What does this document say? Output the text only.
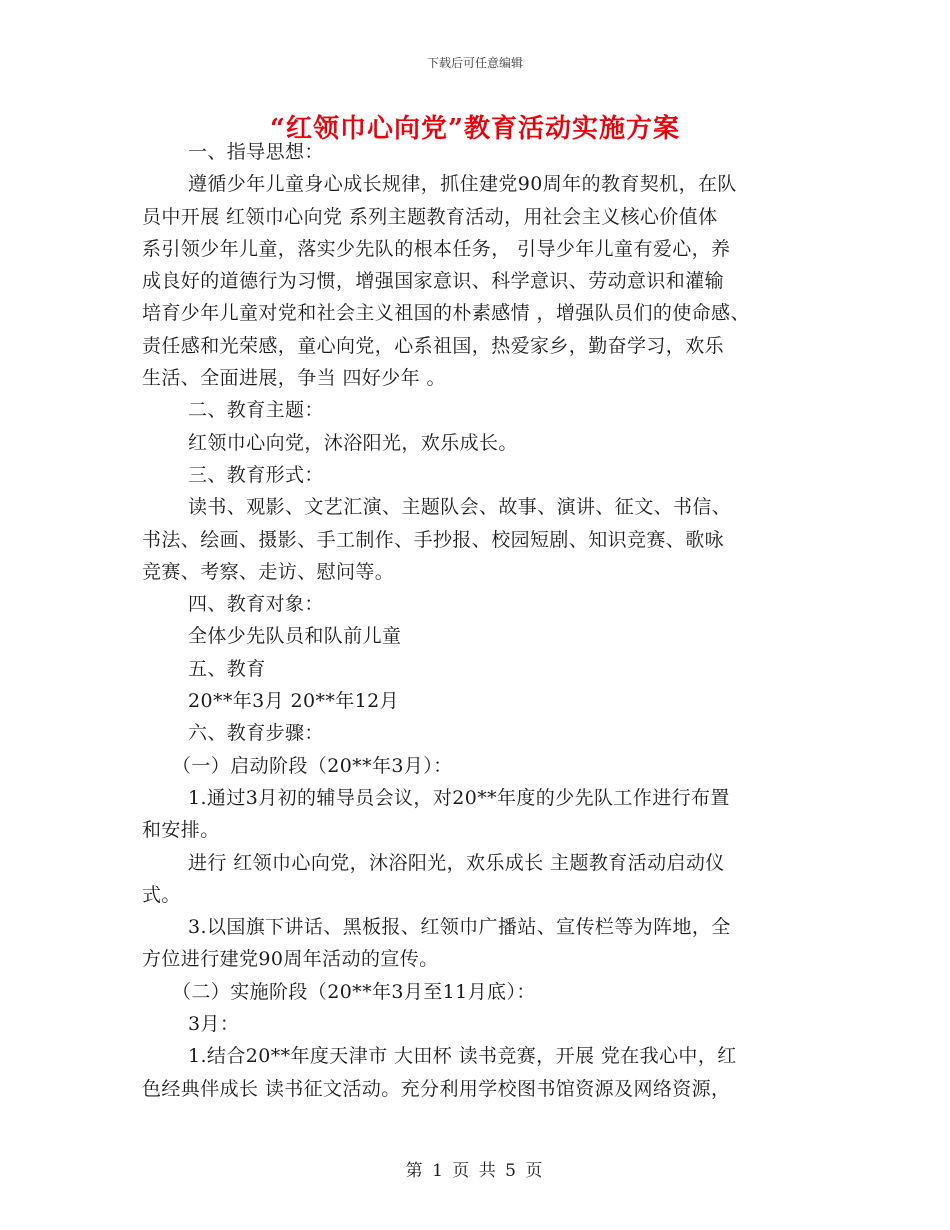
下载后可任意编辑
“红领巾心向党”教育活动实施方案
一、指导思想：
遵循少年儿童身心成长规律，抓住建党90周年的教育契机，在队
员中开展 红领巾心向党 系列主题教育活动，用社会主义核心价值体
系引领少年儿童，落实少先队的根本任务， 引导少年儿童有爱心，养
成良好的道德行为习惯，增强国家意识、科学意识、劳动意识和灌输
培育少年儿童对党和社会主义祖国的朴素感情 ，增强队员们的使命感、
责任感和光荣感，童心向党，心系祖国，热爱家乡，勤奋学习，欢乐
生活、全面进展，争当 四好少年 。
二、教育主题：
红领巾心向党，沐浴阳光，欢乐成长。
三、教育形式：
读书、观影、文艺汇演、主题队会、故事、演讲、征文、书信、
书法、绘画、摄影、手工制作、手抄报、校园短剧、知识竞赛、歌咏
竞赛、考察、走访、慰问等。
四、教育对象：
全体少先队员和队前儿童
五、教育
20**年3月 20**年12月
六、教育步骤：
（一）启动阶段（20**年3月）：
1.通过3月初的辅导员会议，对20**年度的少先队工作进行布置
和安排。
进行 红领巾心向党，沐浴阳光，欢乐成长 主题教育活动启动仪
式。
3.以国旗下讲话、黑板报、红领巾广播站、宣传栏等为阵地，全
方位进行建党90周年活动的宣传。
（二）实施阶段（20**年3月至11月底）：
3月：
1.结合20**年度天津市 大田杯 读书竞赛，开展 党在我心中，红
色经典伴成长 读书征文活动。充分利用学校图书馆资源及网络资源，
第 1 页 共 5 页
